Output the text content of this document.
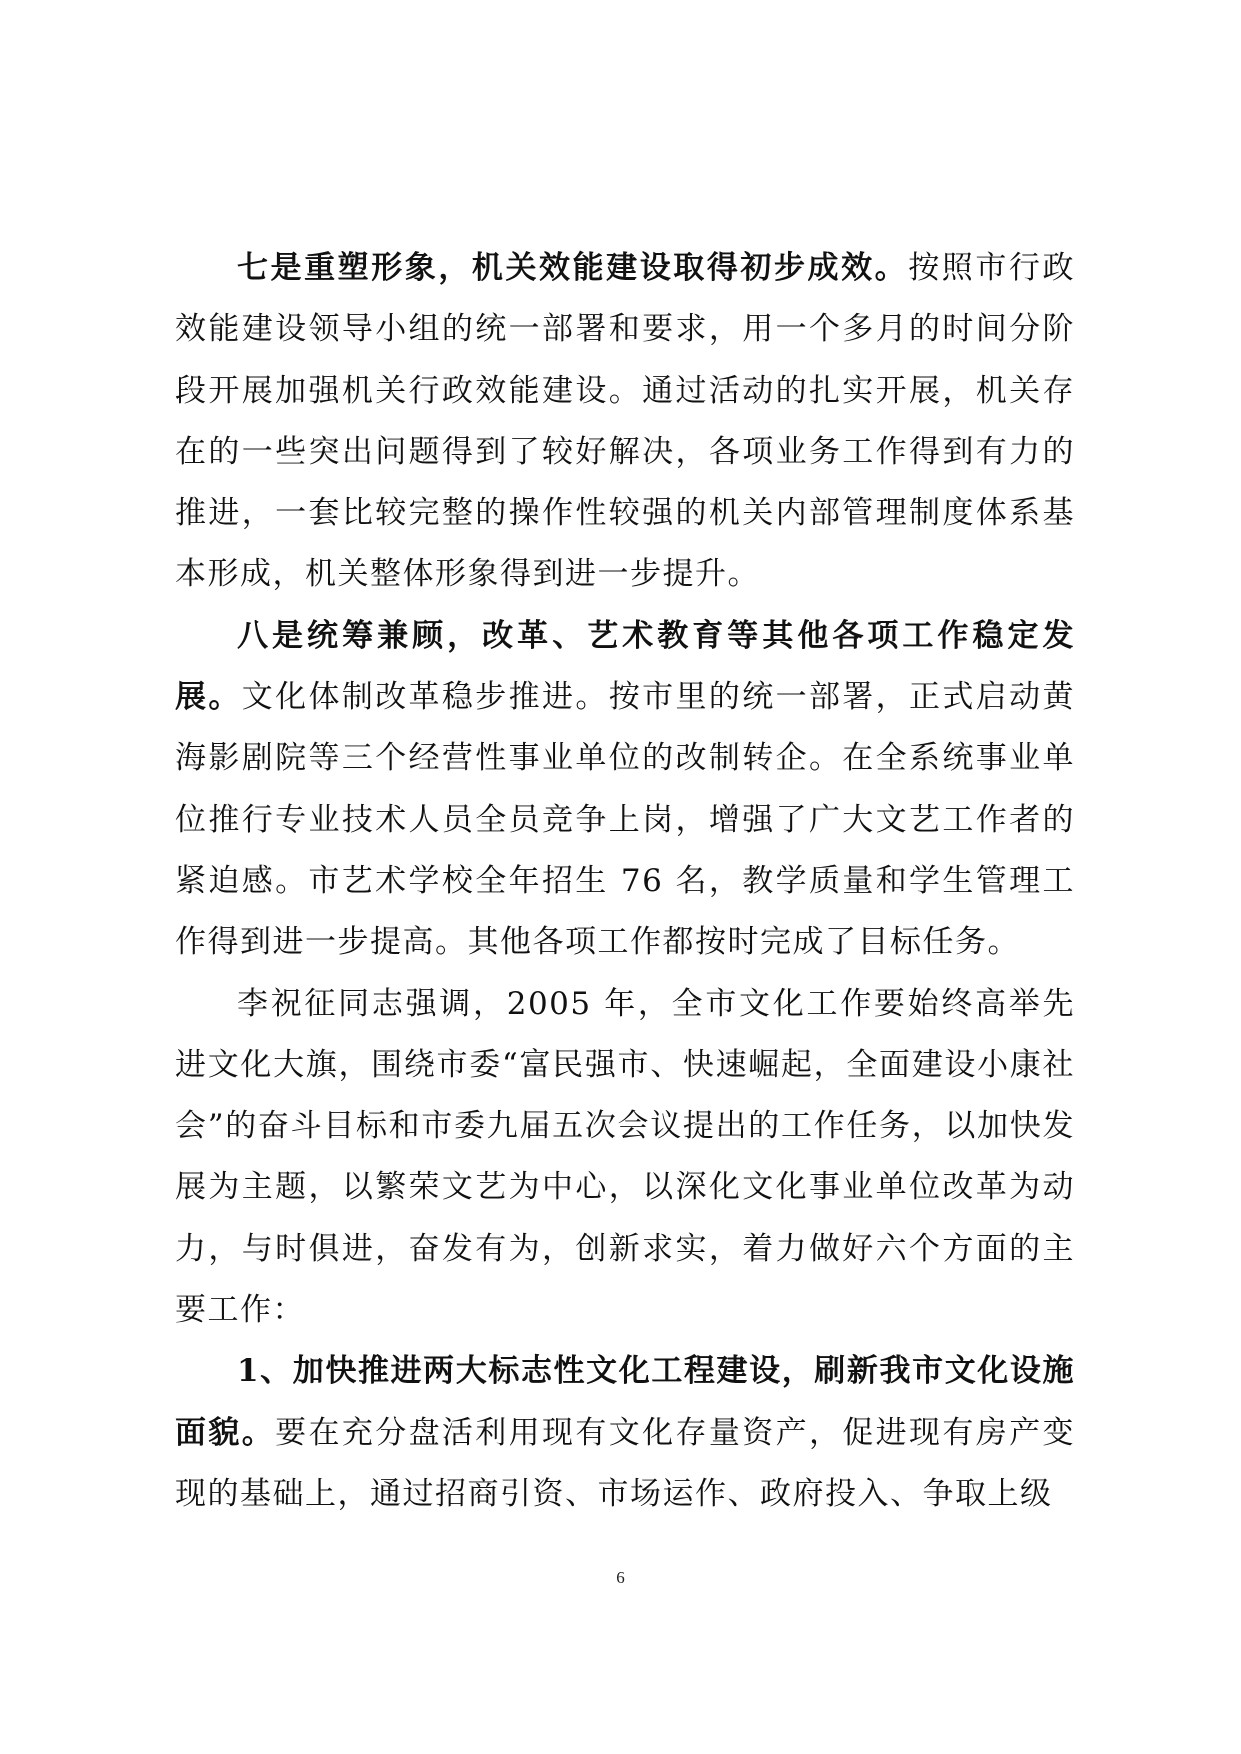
七是重塑形象，机关效能建设取得初步成效。按照市行政效能建设领导小组的统一部署和要求，用一个多月的时间分阶段开展加强机关行政效能建设。通过活动的扎实开展，机关存在的一些突出问题得到了较好解决，各项业务工作得到有力的推进，一套比较完整的操作性较强的机关内部管理制度体系基本形成，机关整体形象得到进一步提升。

八是统筹兼顾，改革、艺术教育等其他各项工作稳定发展。文化体制改革稳步推进。按市里的统一部署，正式启动黄海影剧院等三个经营性事业单位的改制转企。在全系统事业单位推行专业技术人员全员竞争上岗，增强了广大文艺工作者的紧迫感。市艺术学校全年招生 76 名，教学质量和学生管理工作得到进一步提高。其他各项工作都按时完成了目标任务。

李祝征同志强调，2005 年，全市文化工作要始终高举先进文化大旗，围绕市委“富民强市、快速崛起，全面建设小康社会”的奋斗目标和市委九届五次会议提出的工作任务，以加快发展为主题，以繁荣文艺为中心，以深化文化事业单位改革为动力，与时俱进，奋发有为，创新求实，着力做好六个方面的主要工作：

1、加快推进两大标志性文化工程建设，刷新我市文化设施面貌。要在充分盘活利用现有文化存量资产，促进现有房产变现的基础上，通过招商引资、市场运作、政府投入、争取上级

6
